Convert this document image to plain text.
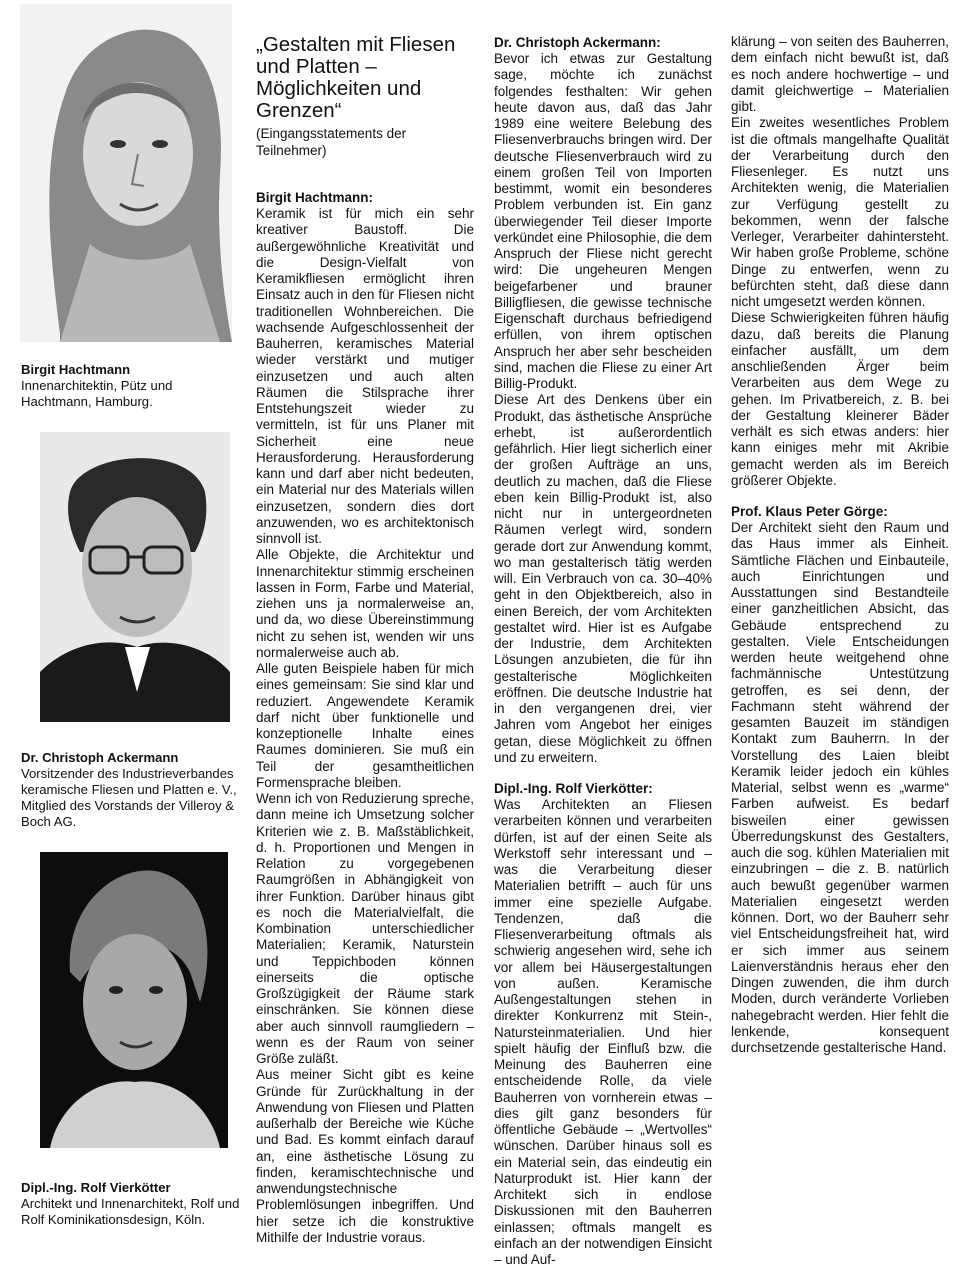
Birgit Hachtmann
Innenarchitektin, Pütz und Hachtmann, Hamburg.
Dr. Christoph Ackermann
Vorsitzender des Industrieverbandes keramische Fliesen und Platten e. V., Mitglied des Vorstands der Villeroy & Boch AG.
Dipl.-Ing. Rolf Vierkötter
Architekt und Innenarchitekt, Rolf und Rolf Kominikationsdesign, Köln.
„Gestalten mit Fliesen und Platten – Möglichkeiten und Grenzen“
(Eingangsstatements der Teilnehmer)
Birgit Hachtmann:
Keramik ist für mich ein sehr kreativer Baustoff. Die außergewöhnliche Kreativität und die Design-Vielfalt von Keramikfliesen ermöglicht ihren Einsatz auch in den für Fliesen nicht traditionellen Wohnbereichen. Die wachsende Aufgeschlossenheit der Bauherren, keramisches Material wieder verstärkt und mutiger einzusetzen und auch alten Räumen die Stilsprache ihrer Entstehungszeit wieder zu vermitteln, ist für uns Planer mit Sicherheit eine neue Herausforderung. Herausforderung kann und darf aber nicht bedeuten, ein Material nur des Materials willen einzusetzen, sondern dies dort anzuwenden, wo es architektonisch sinnvoll ist.
Alle Objekte, die Architektur und Innenarchitektur stimmig erscheinen lassen in Form, Farbe und Material, ziehen uns ja normalerweise an, und da, wo diese Übereinstimmung nicht zu sehen ist, wenden wir uns normalerweise auch ab.
Alle guten Beispiele haben für mich eines gemeinsam: Sie sind klar und reduziert. Angewendete Keramik darf nicht über funktionelle und konzeptionelle Inhalte eines Raumes dominieren. Sie muß ein Teil der gesamtheitlichen Formensprache bleiben.
Wenn ich von Reduzierung spreche, dann meine ich Umsetzung solcher Kriterien wie z. B. Maßstäblichkeit, d. h. Proportionen und Mengen in Relation zu vorgegebenen Raumgrößen in Abhängigkeit von ihrer Funktion. Darüber hinaus gibt es noch die Materialvielfalt, die Kombination unterschiedlicher Materialien; Keramik, Naturstein und Teppichboden können einerseits die optische Großzügigkeit der Räume stark einschränken. Sie können diese aber auch sinnvoll raumgliedern – wenn es der Raum von seiner Größe zuläßt.
Aus meiner Sicht gibt es keine Gründe für Zurückhaltung in der Anwendung von Fliesen und Platten außerhalb der Bereiche wie Küche und Bad. Es kommt einfach darauf an, eine ästhetische Lösung zu finden, keramischtechnische und anwendungstechnische Problemlösungen inbegriffen. Und hier setze ich die konstruktive Mithilfe der Industrie voraus.
Dr. Christoph Ackermann:
Bevor ich etwas zur Gestaltung sage, möchte ich zunächst folgendes festhalten: Wir gehen heute davon aus, daß das Jahr 1989 eine weitere Belebung des Fliesenverbrauchs bringen wird. Der deutsche Fliesenverbrauch wird zu einem großen Teil von Importen bestimmt, womit ein besonderes Problem verbunden ist. Ein ganz überwiegender Teil dieser Importe verkündet eine Philosophie, die dem Anspruch der Fliese nicht gerecht wird: Die ungeheuren Mengen beigefarbener und brauner Billigfliesen, die gewisse technische Eigenschaft durchaus befriedigend erfüllen, von ihrem optischen Anspruch her aber sehr bescheiden sind, machen die Fliese zu einer Art Billig-Produkt.
Diese Art des Denkens über ein Produkt, das ästhetische Ansprüche erhebt, ist außerordentlich gefährlich. Hier liegt sicherlich einer der großen Aufträge an uns, deutlich zu machen, daß die Fliese eben kein Billig-Produkt ist, also nicht nur in untergeordneten Räumen verlegt wird, sondern gerade dort zur Anwendung kommt, wo man gestalterisch tätig werden will. Ein Verbrauch von ca. 30–40% geht in den Objektbereich, also in einen Bereich, der vom Architekten gestaltet wird. Hier ist es Aufgabe der Industrie, dem Architekten Lösungen anzubieten, die für ihn gestalterische Möglichkeiten eröffnen. Die deutsche Industrie hat in den vergangenen drei, vier Jahren vom Angebot her einiges getan, diese Möglichkeit zu öffnen und zu erweitern.
Dipl.-Ing. Rolf Vierkötter:
Was Architekten an Fliesen verarbeiten können und verarbeiten dürfen, ist auf der einen Seite als Werkstoff sehr interessant und – was die Verarbeitung dieser Materialien betrifft – auch für uns immer eine spezielle Aufgabe. Tendenzen, daß die Fliesenverarbeitung oftmals als schwierig angesehen wird, sehe ich vor allem bei Häusergestaltungen von außen. Keramische Außengestaltungen stehen in direkter Konkurrenz mit Stein-, Natursteinmaterialien. Und hier spielt häufig der Einfluß bzw. die Meinung des Bauherren eine entscheidende Rolle, da viele Bauherren von vornherein etwas – dies gilt ganz besonders für öffentliche Gebäude – „Wertvolles“ wünschen. Darüber hinaus soll es ein Material sein, das eindeutig ein Naturprodukt ist. Hier kann der Architekt sich in endlose Diskussionen mit den Bauherren einlassen; oftmals mangelt es einfach an der notwendigen Einsicht – und Auf-
klärung – von seiten des Bauherren, dem einfach nicht bewußt ist, daß es noch andere hochwertige – und damit gleichwertige – Materialien gibt.
Ein zweites wesentliches Problem ist die oftmals mangelhafte Qualität der Verarbeitung durch den Fliesenleger. Es nutzt uns Architekten wenig, die Materialien zur Verfügung gestellt zu bekommen, wenn der falsche Verleger, Verarbeiter dahintersteht. Wir haben große Probleme, schöne Dinge zu entwerfen, wenn zu befürchten steht, daß diese dann nicht umgesetzt werden können.
Diese Schwierigkeiten führen häufig dazu, daß bereits die Planung einfacher ausfällt, um dem anschließenden Ärger beim Verarbeiten aus dem Wege zu gehen. Im Privatbereich, z. B. bei der Gestaltung kleinerer Bäder verhält es sich etwas anders: hier kann einiges mehr mit Akribie gemacht werden als im Bereich größerer Objekte.
Prof. Klaus Peter Görge:
Der Architekt sieht den Raum und das Haus immer als Einheit. Sämtliche Flächen und Einbauteile, auch Einrichtungen und Ausstattungen sind Bestandteile einer ganzheitlichen Absicht, das Gebäude entsprechend zu gestalten. Viele Entscheidungen werden heute weitgehend ohne fachmännische Untestützung getroffen, es sei denn, der Fachmann steht während der gesamten Bauzeit im ständigen Kontakt zum Bauherrn. In der Vorstellung des Laien bleibt Keramik leider jedoch ein kühles Material, selbst wenn es „warme“ Farben aufweist. Es bedarf bisweilen einer gewissen Überredungskunst des Gestalters, auch die sog. kühlen Materialien mit einzubringen – die z. B. natürlich auch bewußt gegenüber warmen Materialien eingesetzt werden können. Dort, wo der Bauherr sehr viel Entscheidungsfreiheit hat, wird er sich immer aus seinem Laienverständnis heraus eher den Dingen zuwenden, die ihm durch Moden, durch veränderte Vorlieben nahegebracht werden. Hier fehlt die lenkende, konsequent durchsetzende gestalterische Hand.
